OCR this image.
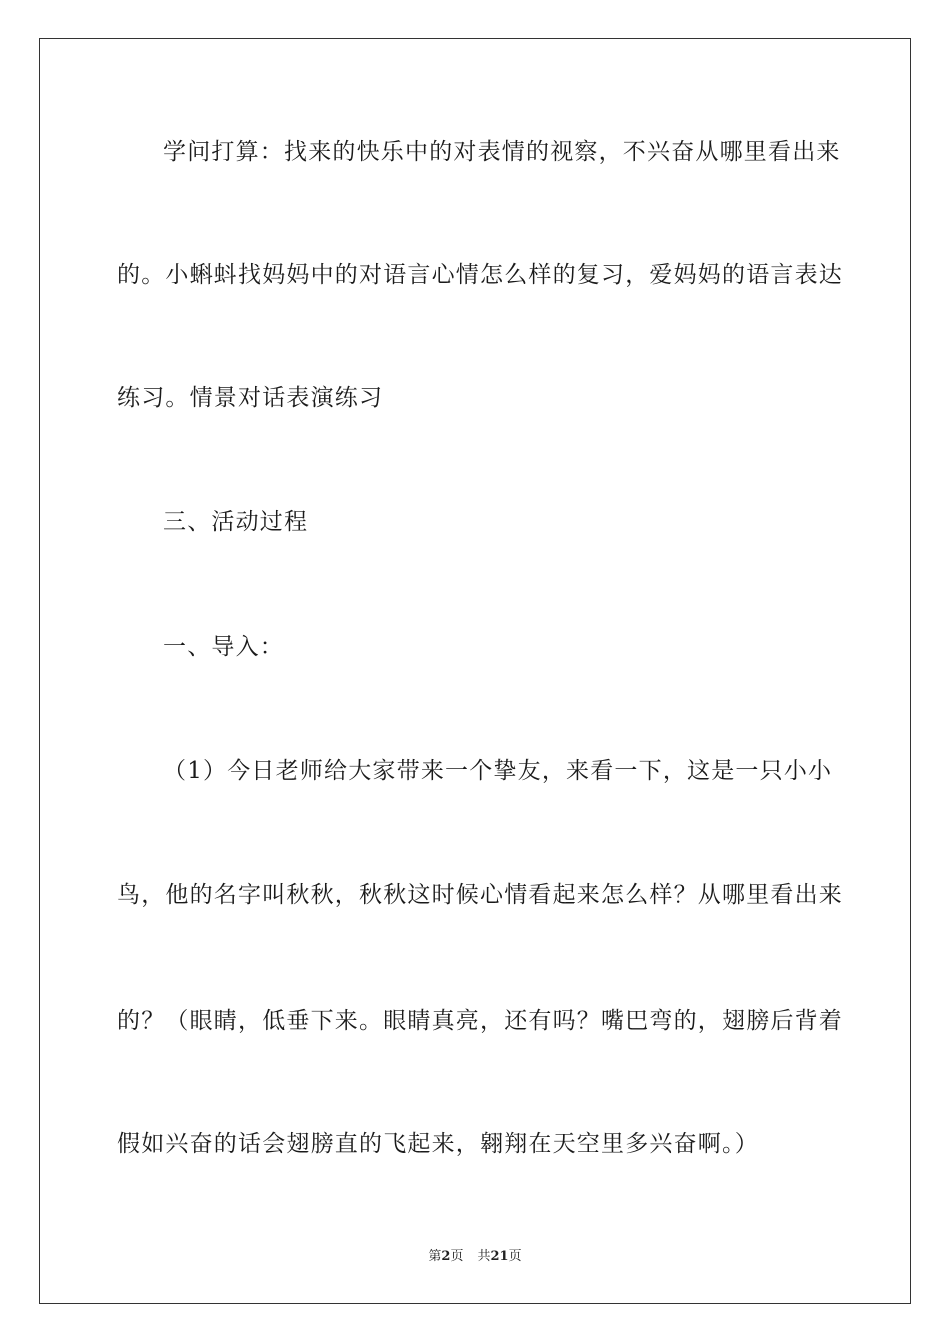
学问打算：找来的快乐中的对表情的视察，不兴奋从哪里看出来
的。小蝌蚪找妈妈中的对语言心情怎么样的复习，爱妈妈的语言表达
练习。情景对话表演练习
三、活动过程
一、导入：
（1）今日老师给大家带来一个挚友，来看一下，这是一只小小
鸟，他的名字叫秋秋，秋秋这时候心情看起来怎么样？从哪里看出来
的？（眼睛，低垂下来。眼睛真亮，还有吗？嘴巴弯的，翅膀后背着
假如兴奋的话会翅膀直的飞起来，翱翔在天空里多兴奋啊。）
第2页 共21页
